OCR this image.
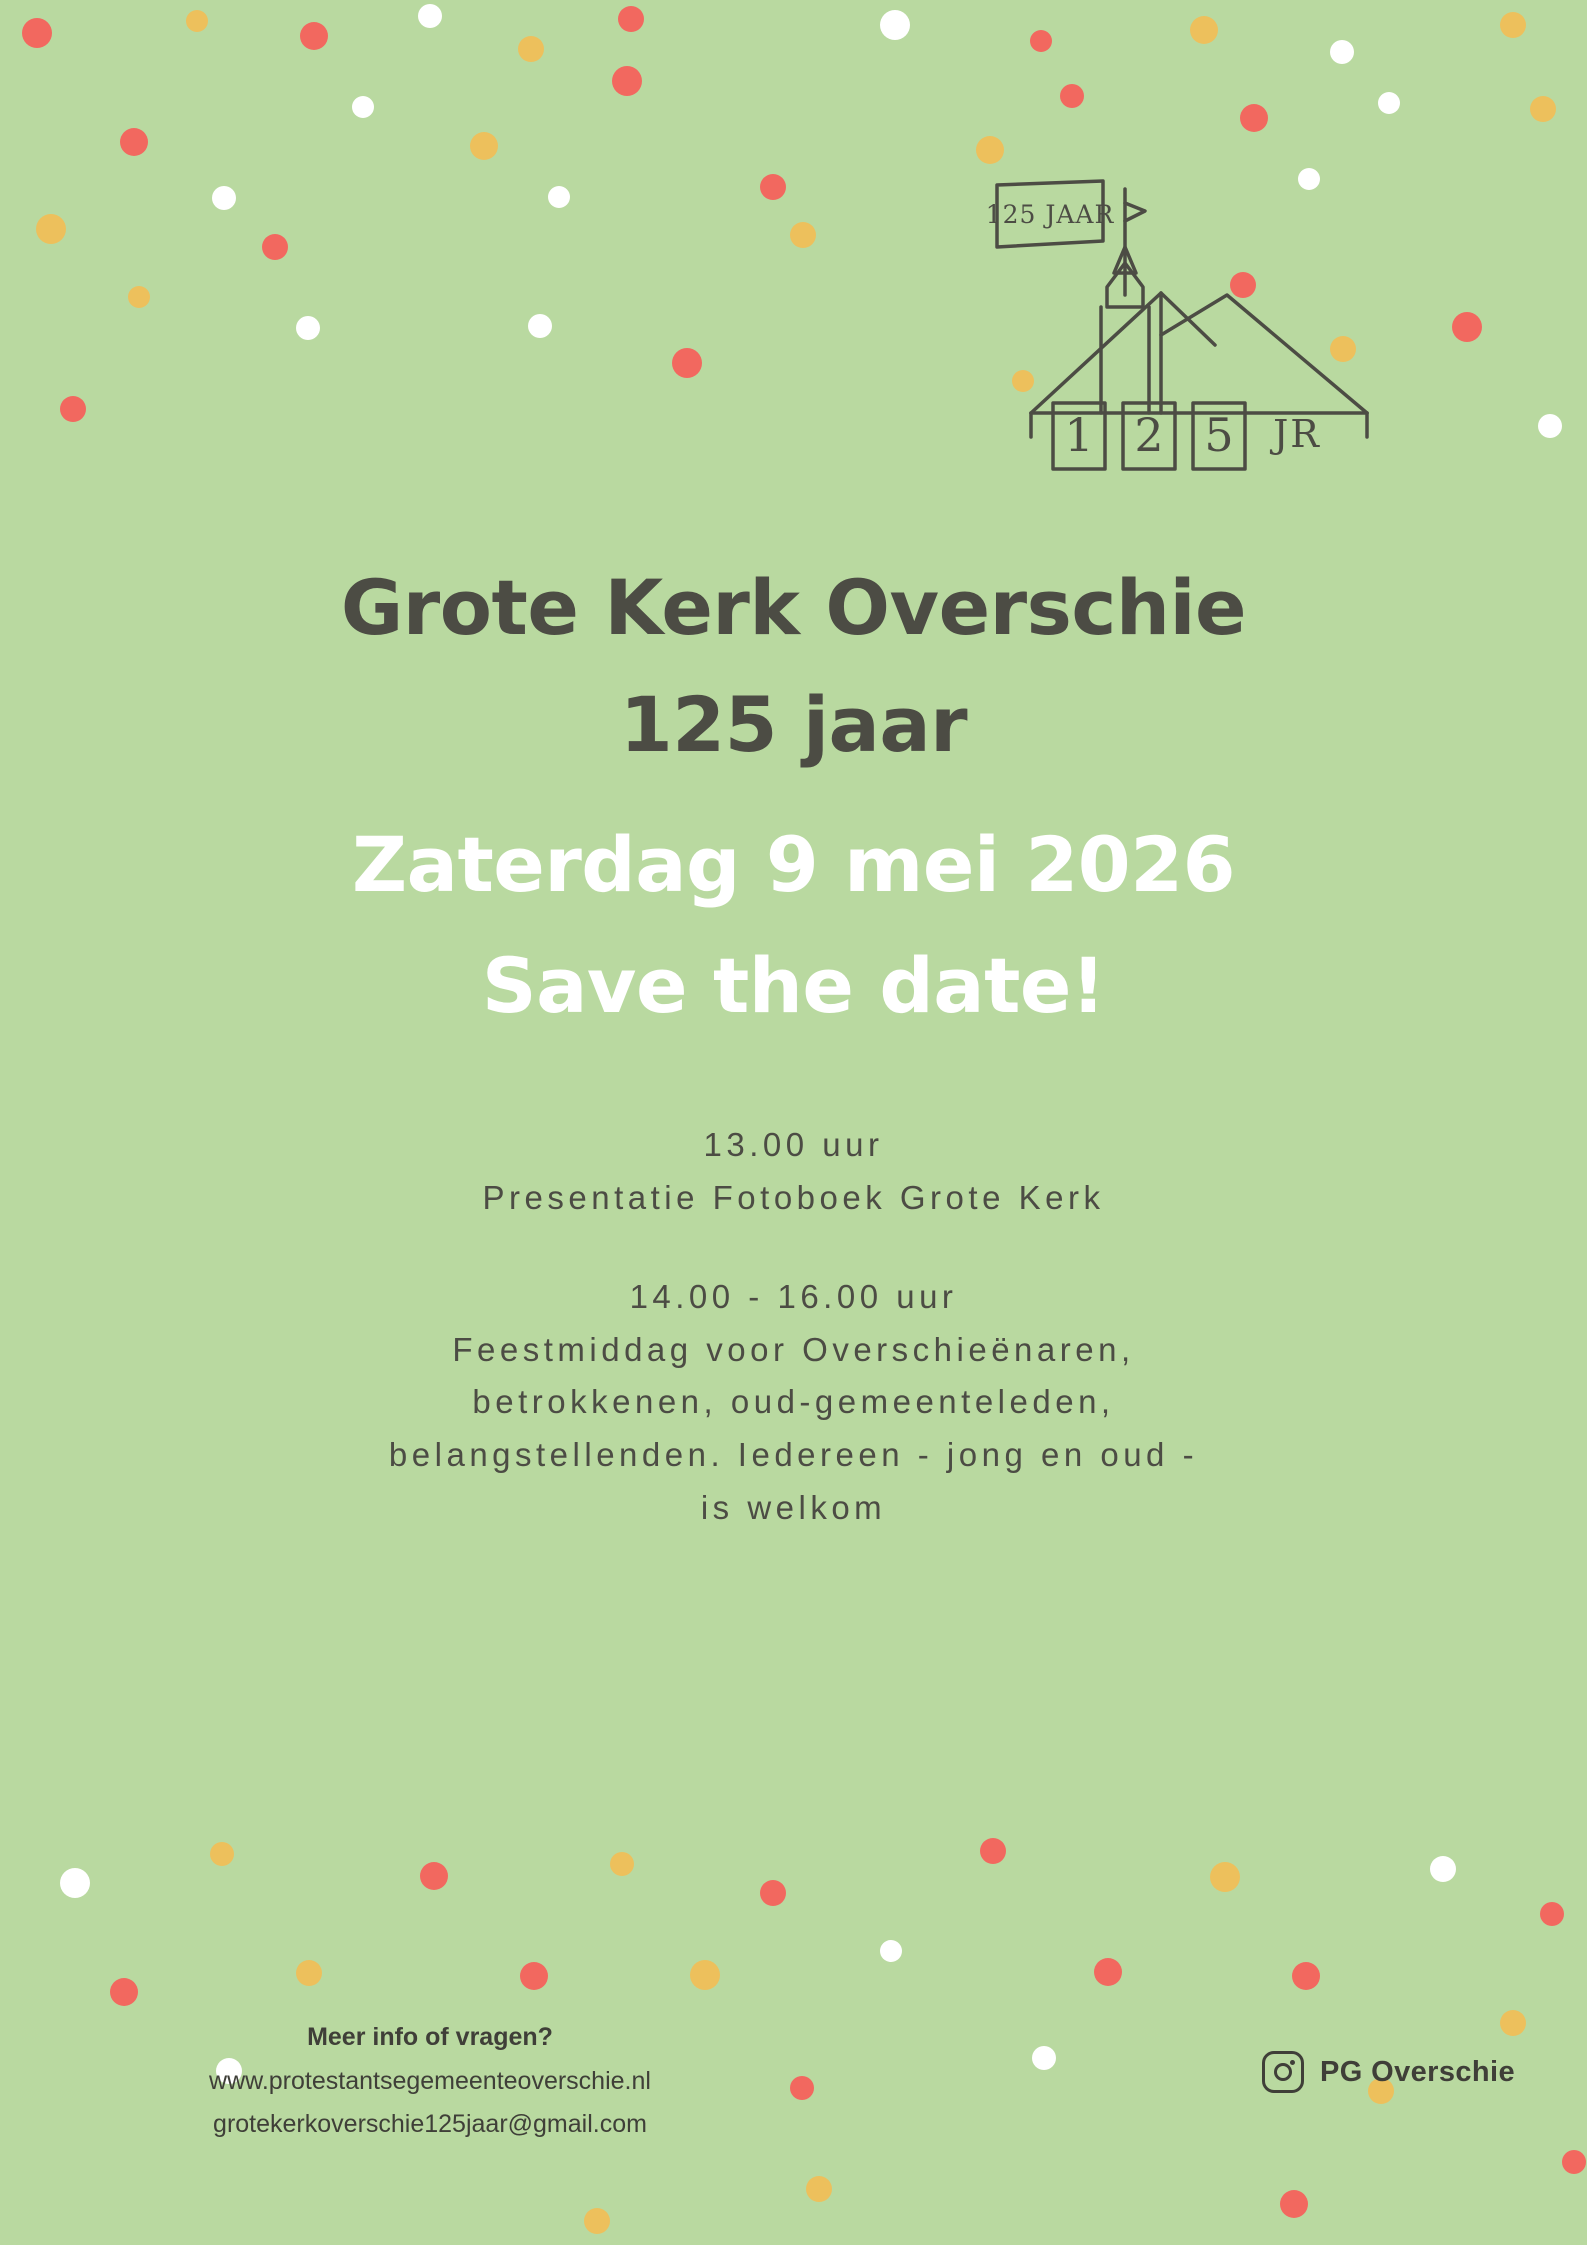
125 JAAR
1 2 5 JR
Grote Kerk Overschie
125 jaar
Zaterdag 9 mei 2026
Save the date!
13.00 uur
Presentatie Fotoboek Grote Kerk
14.00 - 16.00 uur
Feestmiddag voor Overschieënaren,
betrokkenen, oud-gemeenteleden,
belangstellenden. Iedereen - jong en oud -
is welkom
Meer info of vragen?
www.protestantsegemeenteoverschie.nl
grotekerkoverschie125jaar@gmail.com
PG Overschie
